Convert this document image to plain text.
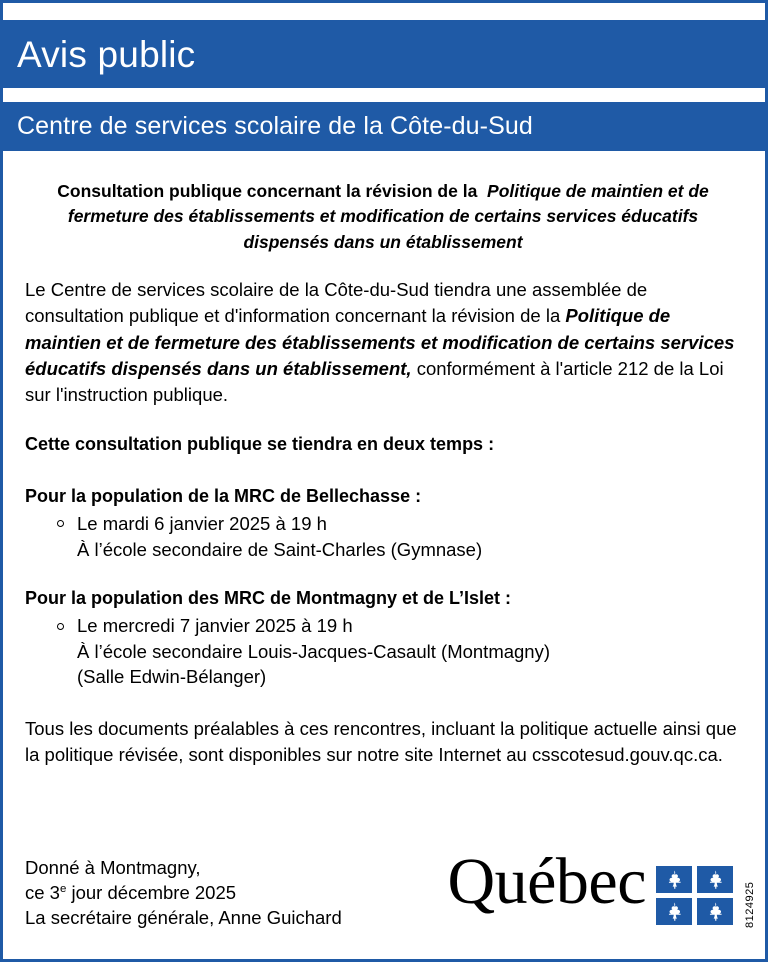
Avis public
Centre de services scolaire de la Côte-du-Sud
Consultation publique concernant la révision de la Politique de maintien et de fermeture des établissements et modification de certains services éducatifs dispensés dans un établissement

Le Centre de services scolaire de la Côte-du-Sud tiendra une assemblée de consultation publique et d'information concernant la révision de la Politique de maintien et de fermeture des établissements et modification de certains services éducatifs dispensés dans un établissement, conformément à l'article 212 de la Loi sur l'instruction publique.

Cette consultation publique se tiendra en deux temps :

Pour la population de la MRC de Bellechasse :
Le mardi 6 janvier 2025 à 19 h
À l’école secondaire de Saint-Charles (Gymnase)
Pour la population des MRC de Montmagny et de L’Islet :
Le mercredi 7 janvier 2025 à 19 h
À l’école secondaire Louis-Jacques-Casault (Montmagny)
(Salle Edwin-Bélanger)

Tous les documents préalables à ces rencontres, incluant la politique actuelle ainsi que la politique révisée, sont disponibles sur notre site Internet au csscotesud.gouv.qc.ca.

Donné à Montmagny,
ce 3e jour décembre 2025
La secrétaire générale, Anne Guichard Québec	8124925
